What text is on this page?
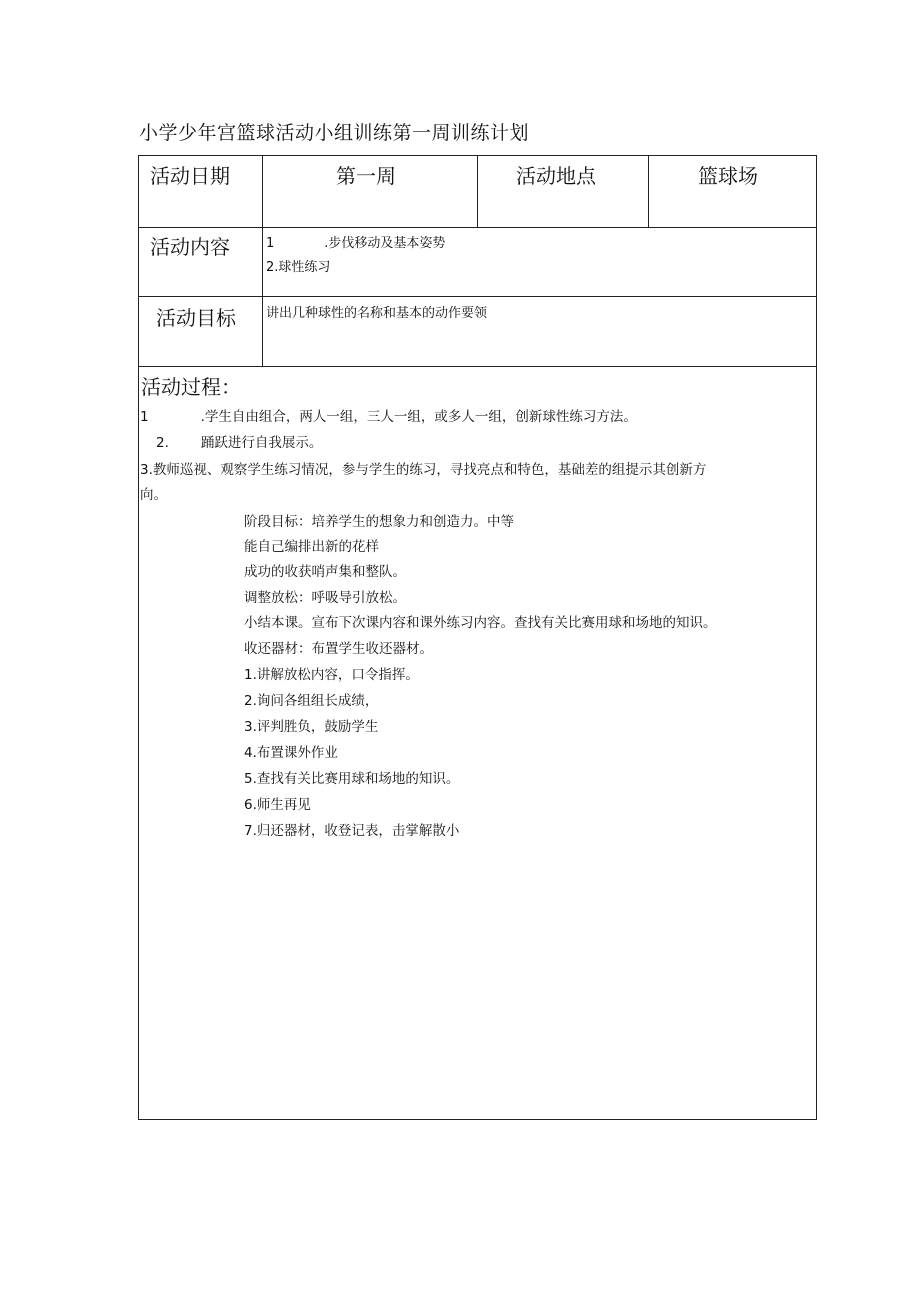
小学少年宫篮球活动小组训练第一周训练计划
活动日期	第一周	活动地点	篮球场
活动内容	1	.步伐移动及基本姿势
2.球性练习
活动目标 讲出几种球性的名称和基本的动作要领
活动过程：
1	.学生自由组合，两人一组，三人一组，或多人一组，创新球性练习方法。
2. 踊跃进行自我展示。
3.教师巡视、观察学生练习情况，参与学生的练习，寻找亮点和特色，基础差的组提示其创新方
向。
阶段目标：培养学生的想象力和创造力。中等
能自己编排出新的花样
成功的收获哨声集和整队。
调整放松：呼吸导引放松。
小结本课。宣布下次课内容和课外练习内容。查找有关比赛用球和场地的知识。
收还器材：布置学生收还器材。
1.讲解放松内容，口令指挥。
2.询问各组组长成绩，
3.评判胜负，鼓励学生
4.布置课外作业
5.查找有关比赛用球和场地的知识。
6.师生再见
7.归还器材，收登记表，击掌解散小
